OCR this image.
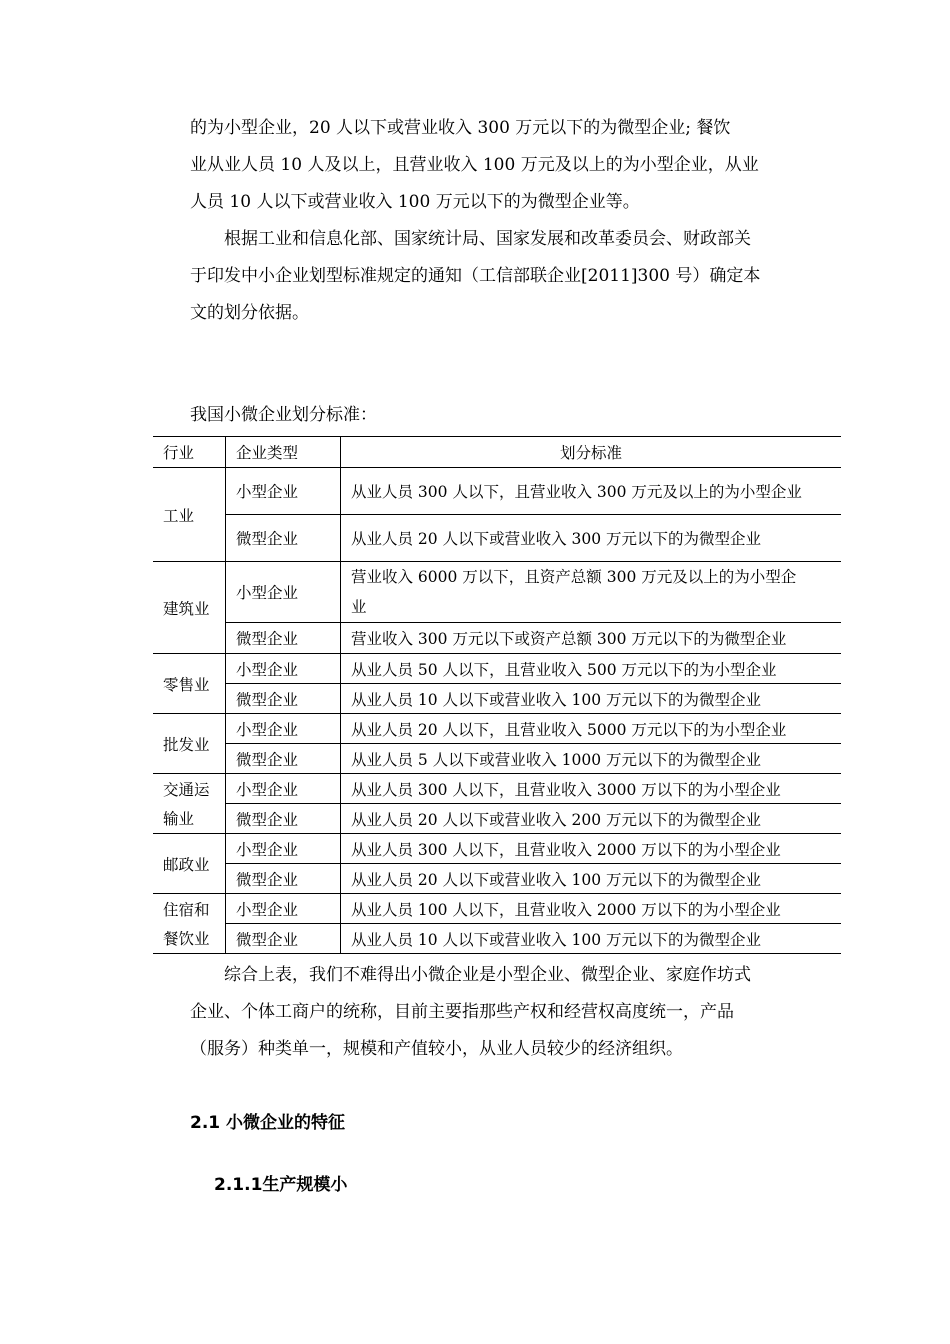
的为小型企业，20 人以下或营业收入 300 万元以下的为微型企业; 餐饮
业从业人员 10 人及以上，且营业收入 100 万元及以上的为小型企业，从业
人员 10 人以下或营业收入 100 万元以下的为微型企业等。

根据工业和信息化部、国家统计局、国家发展和改革委员会、财政部关
于印发中小企业划型标准规定的通知（工信部联企业[2011]300 号）确定本
文的划分依据。

我国小微企业划分标准：

行业	企业类型	划分标准
工业	小型企业	从业人员 300 人以下，且营业收入 300 万元及以上的为小型企业
	微型企业	从业人员 20 人以下或营业收入 300 万元以下的为微型企业
建筑业	小型企业	营业收入 6000 万以下，且资产总额 300 万元及以上的为小型企
业

	微型企业	营业收入 300 万元以下或资产总额 300 万元以下的为微型企业
零售业	小型企业	从业人员 50 人以下，且营业收入 500 万元以下的为小型企业
	微型企业	从业人员 10 人以下或营业收入 100 万元以下的为微型企业
批发业	小型企业	从业人员 20 人以下，且营业收入 5000 万元以下的为小型企业
	微型企业	从业人员 5 人以下或营业收入 1000 万元以下的为微型企业
交通运	小型企业	从业人员 300 人以下，且营业收入 3000 万以下的为小型企业
输业	微型企业	从业人员 20 人以下或营业收入 200 万元以下的为微型企业
邮政业	小型企业	从业人员 300 人以下，且营业收入 2000 万以下的为小型企业
	微型企业	从业人员 20 人以下或营业收入 100 万元以下的为微型企业
住宿和	小型企业	从业人员 100 人以下，且营业收入 2000 万以下的为小型企业
餐饮业	微型企业	从业人员 10 人以下或营业收入 100 万元以下的为微型企业

综合上表，我们不难得出小微企业是小型企业、微型企业、家庭作坊式
企业、个体工商户的统称，目前主要指那些产权和经营权高度统一，产品
（服务）种类单一，规模和产值较小，从业人员较少的经济组织。

2.1 小微企业的特征

2.1.1生产规模小
